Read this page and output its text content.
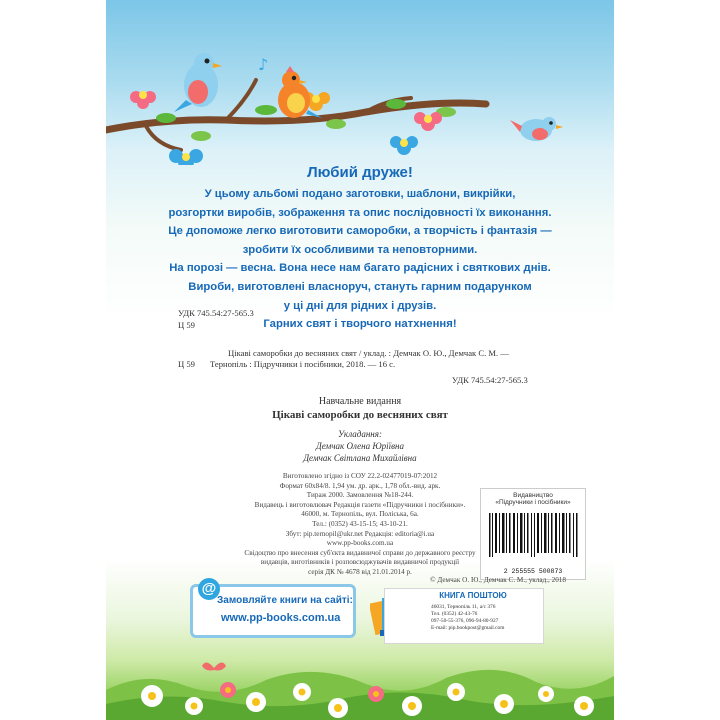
♪
Любий друже!
У цьому альбомі подано заготовки, шаблони, викрійки,
розгортки виробів, зображення та опис послідовності їх виконання.
Це допоможе легко виготовити саморобки, а творчість і фантазія —
зробити їх особливими та неповторними.
На порозі — весна. Вона несе нам багато радісних і святкових днів.
Вироби, виготовлені власноруч, стануть гарним подарунком
у ці дні для рідних і друзів.
Гарних свят і творчого натхнення!
УДК 745.54:27-565.3
Ц 59
Цікаві саморобки до весняних свят / уклад. : Демчак О. Ю., Демчак С. М. —
Ц 59 Тернопіль : Підручники і посібники, 2018. — 16 с.
УДК 745.54:27-565.3
Навчальне видання
Цікаві саморобки до весняних свят
Укладання:
Демчак Олена Юріївна
Демчак Світлана Михайлівна
Виготовлено згідно із СОУ 22.2-02477019-07:2012
Формат 60х84/8. 1,94 ум. др. арк., 1,78 обл.-вид. арк.
Тираж 2000. Замовлення №18-244.
Видавець і виготовлювач Редакція газети «Підручники і посібники».
46000, м. Тернопіль, вул. Поліська, 6а.
Тел.: (0352) 43-15-15; 43-10-21.
Збут: pip.ternopil@ukr.net Редакція: editoria@i.ua
www.pp-books.com.ua
Свідоцтво про внесення суб'єкта видавничої справи до державного реєстру
видавців, виготівників і розповсюджувачів видавничої продукції
серія ДК № 4678 від 21.01.2014 р.
Видавництво
«Підручники і посібники»
2 255555 500873
© Демчак О. Ю., Демчак С. М., уклад., 2018
Замовляйте книги на сайті:
www.pp-books.com.ua
@	КНИГА ПОШТОЮ
46031, Тернопіль 11, а/с 376
Тел. (0352) 42-43-76
097-50-55-376, 096-94-80-927
E-mail: pip.bookpost@gmail.com
